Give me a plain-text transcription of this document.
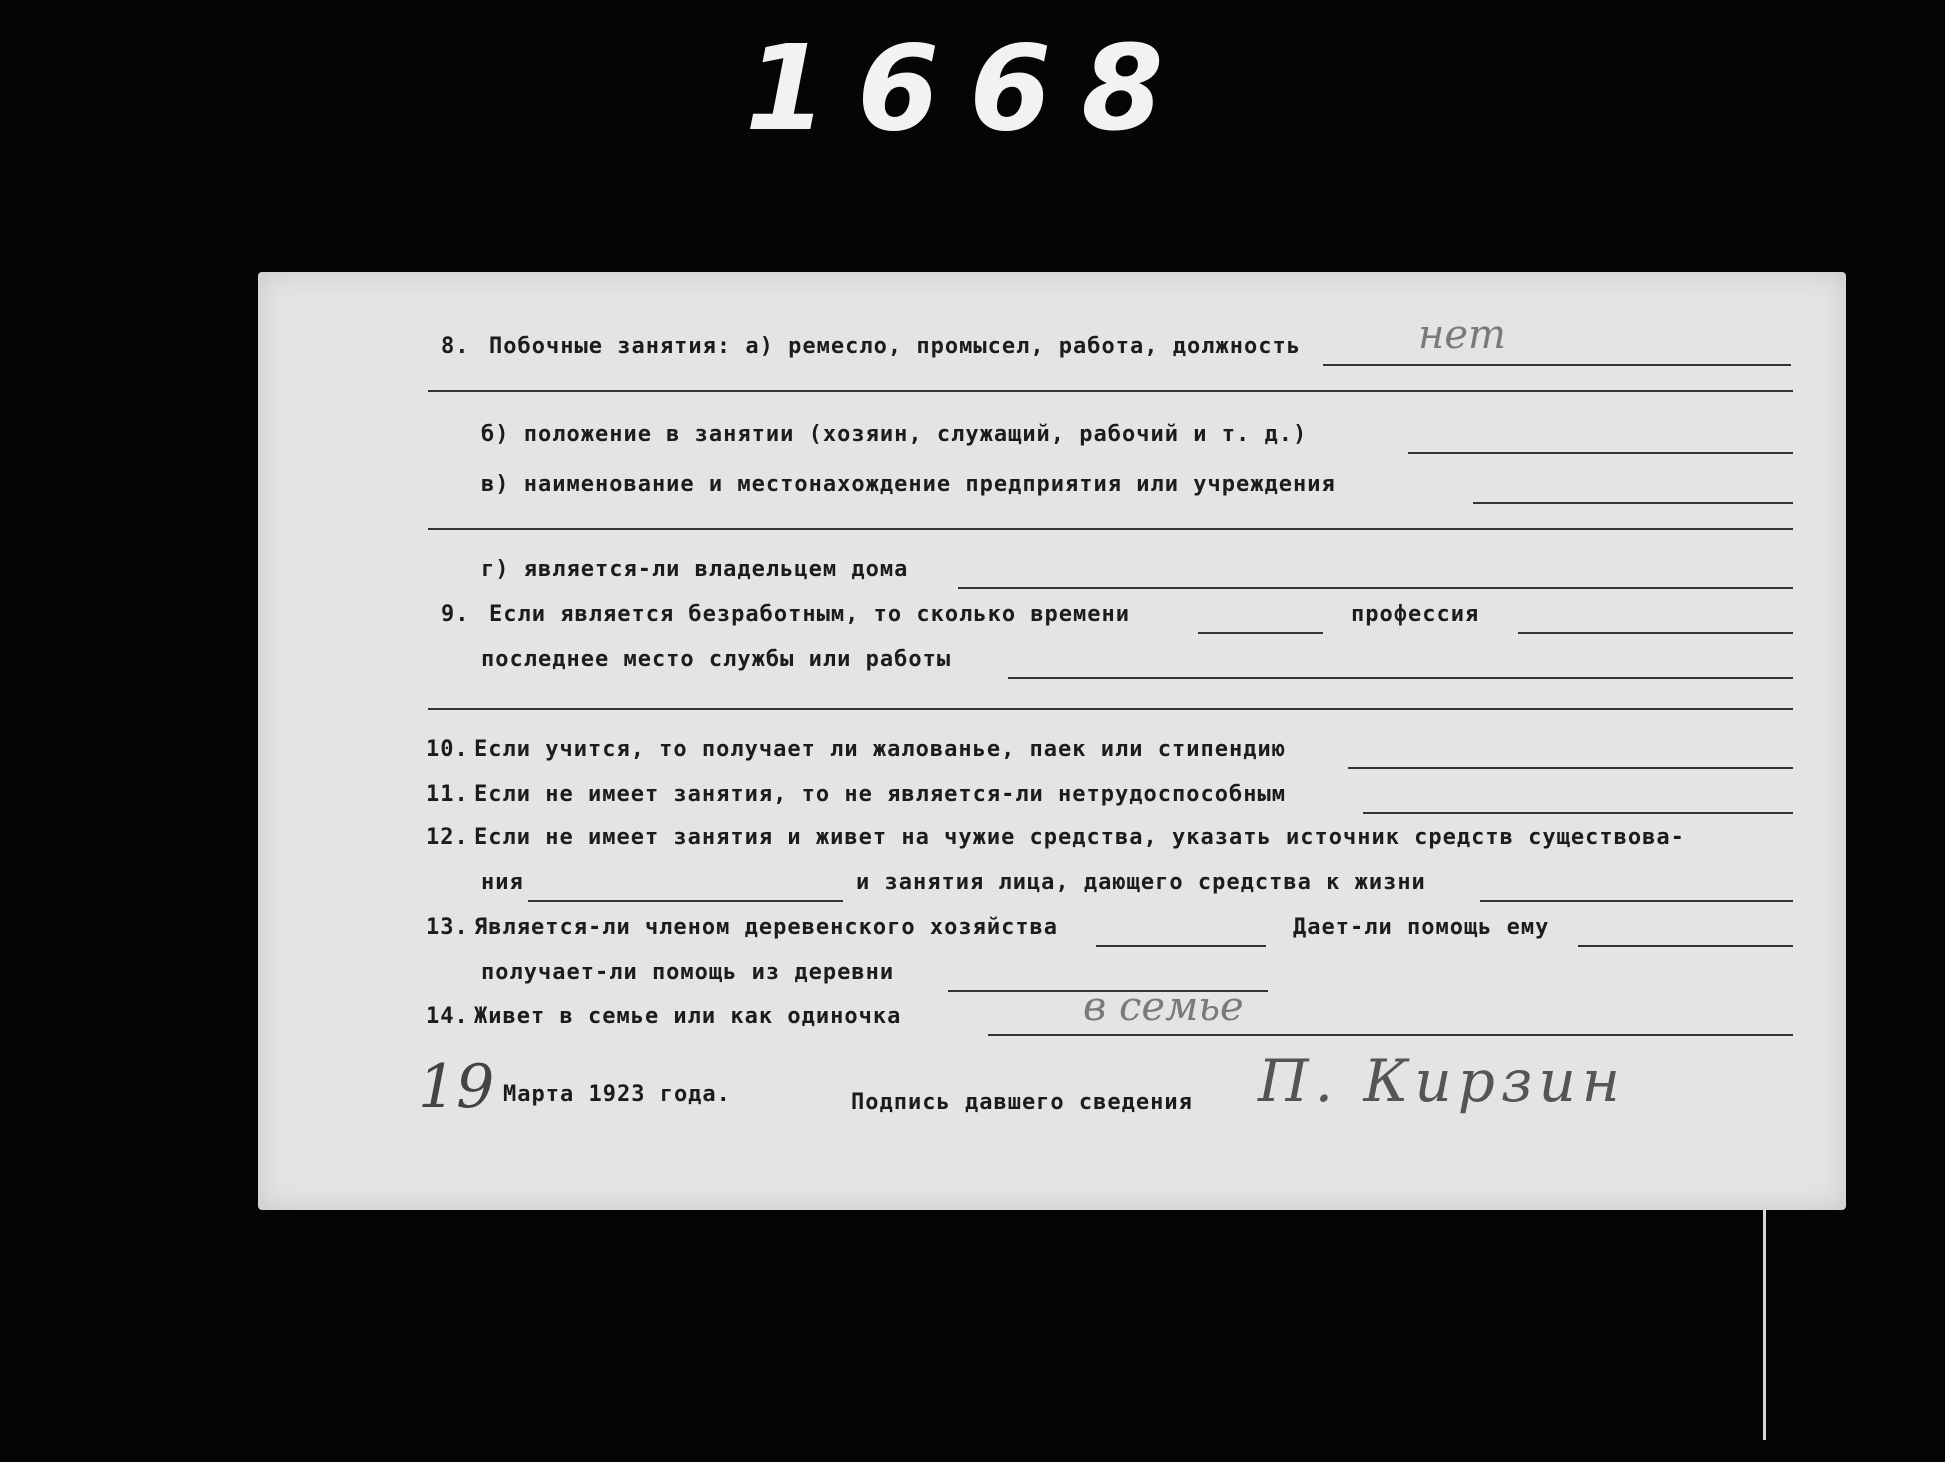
1668
8. Побочные занятия: а) ремесло, промысел, работа, должность	нет
б) положение в занятии (хозяин, служащий, рабочий и т. д.)
в) наименование и местонахождение предприятия или учреждения
г) является-ли владельцем дома
9. Если является безработным, то сколько времени	профессия
последнее место службы или работы
10. Если учится, то получает ли жалованье, паек или стипендию
11. Если не имеет занятия, то не является-ли нетрудоспособным
12. Если не имеет занятия и живет на чужие средства, указать источник средств существова-
ния	и занятия лица, дающего средства к жизни
13. Является-ли членом деревенского хозяйства	Дает-ли помощь ему
получает-ли помощь из деревни
14. Живет в семье или как одиночка	в семье
19 Марта 1923 года.	Подпись давшего сведения П. Кирзин
